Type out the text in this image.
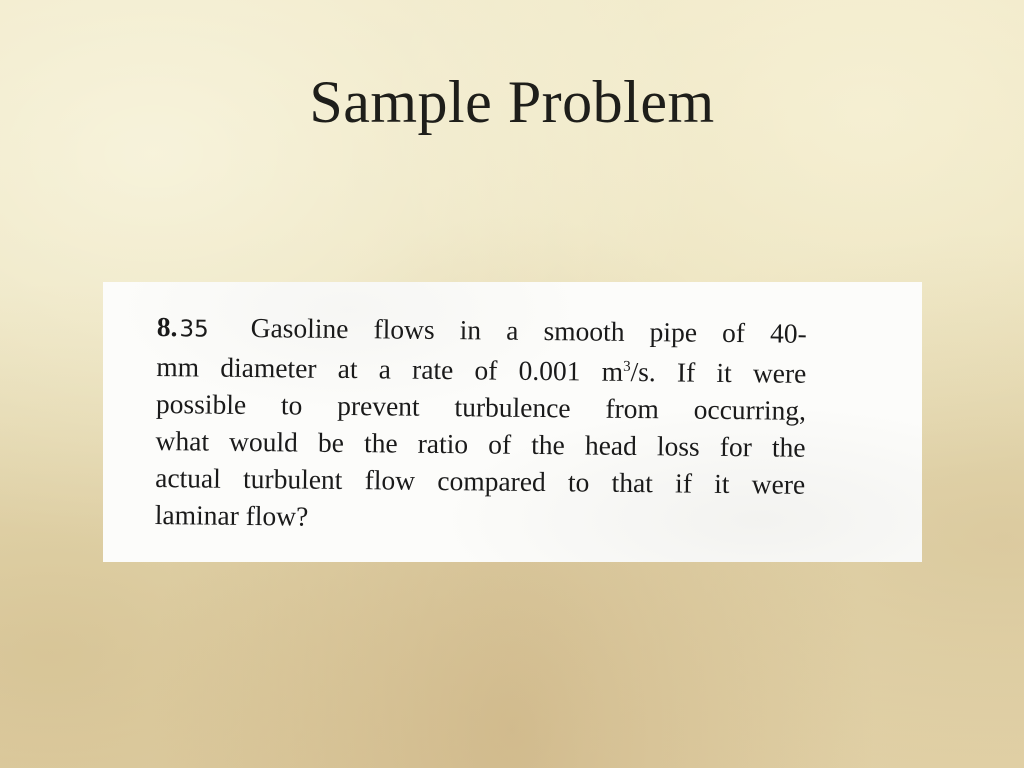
Sample Problem
8.35 Gasoline flows in a smooth pipe of 40-
mm diameter at a rate of 0.001 $m^3/s$. If it were
possible to prevent turbulence from occurring,
what would be the ratio of the head loss for the
actual turbulent flow compared to that if it were
laminar flow?
